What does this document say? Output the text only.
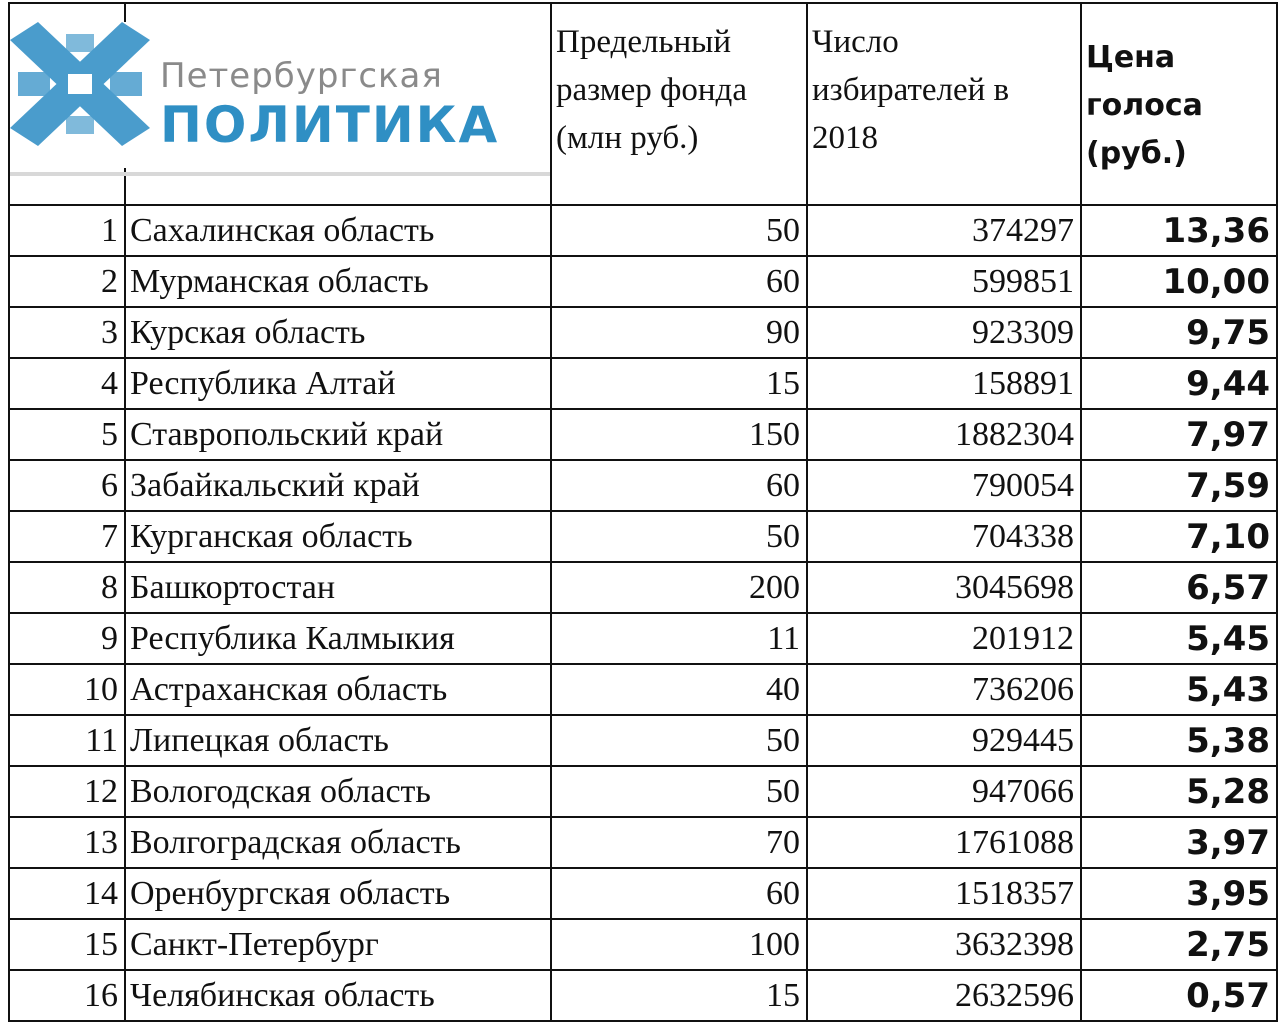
		Предельный размер фонда (млн руб.)	Число избирателей в 2018	Цена голоса (руб.)
1	Сахалинская область	50	374297	13,36
2	Мурманская область	60	599851	10,00
3	Курская область	90	923309	9,75
4	Республика Алтай	15	158891	9,44
5	Ставропольский край	150	1882304	7,97
6	Забайкальский край	60	790054	7,59
7	Курганская область	50	704338	7,10
8	Башкортостан	200	3045698	6,57
9	Республика Калмыкия	11	201912	5,45
10	Астраханская область	40	736206	5,43
11	Липецкая область	50	929445	5,38
12	Вологодская область	50	947066	5,28
13	Волгоградская область	70	1761088	3,97
14	Оренбургская область	60	1518357	3,95
15	Санкт-Петербург	100	3632398	2,75
16	Челябинская область	15	2632596	0,57
Петербургская
ПОЛИТИКА
